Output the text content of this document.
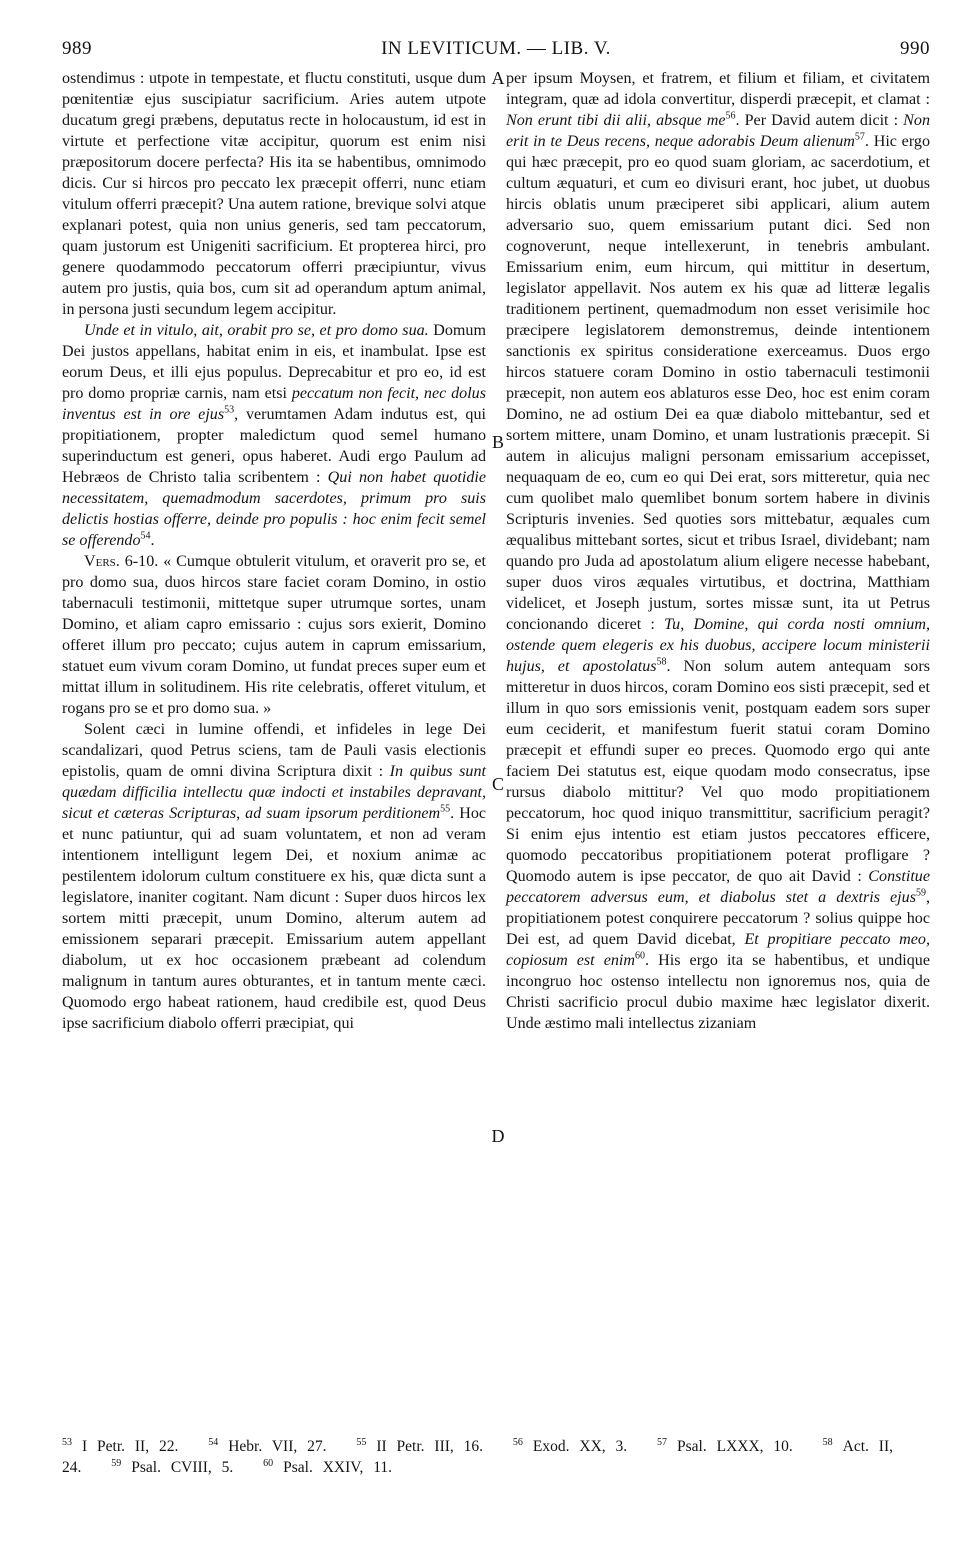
989	IN LEVITICUM. — LIB. V.	990

ostendimus : utpote in tempestate, et fluctu constituti, usque dum pœnitentiæ ejus suscipiatur sacrificium. Aries autem utpote ducatum gregi præbens, deputatus recte in holocaustum, id est in virtute et perfectione vitæ accipitur, quorum est enim nisi præpositorum docere perfecta? His ita se habentibus, omnimodo dicis. Cur si hircos pro peccato lex præcepit offerri, nunc etiam vitulum offerri præcepit? Una autem ratione, brevique solvi atque explanari potest, quia non unius generis, sed tam peccatorum, quam justorum est Unigeniti sacrificium. Et propterea hirci, pro genere quodammodo peccatorum offerri præcipiuntur, vivus autem pro justis, quia bos, cum sit ad operandum aptum animal, in persona justi secundum legem accipitur.

Unde et in vitulo, ait, orabit pro se, et pro domo sua. Domum Dei justos appellans, habitat enim in eis, et inambulat. Ipse est eorum Deus, et illi ejus populus. Deprecabitur et pro eo, id est pro domo propriæ carnis, nam etsi peccatum non fecit, nec dolus inventus est in ore ejus$^{53}$, verumtamen Adam indutus est, qui propitiationem, propter maledictum quod semel humano superinductum est generi, opus haberet. Audi ergo Paulum ad Hebræos de Christo talia scribentem : Qui non habet quotidie necessitatem, quemadmodum sacerdotes, primum pro suis delictis hostias offerre, deinde pro populis : hoc enim fecit semel se offerendo$^{54}$.

Vers. 6-10. « Cumque obtulerit vitulum, et oraverit pro se, et pro domo sua, duos hircos stare faciet coram Domino, in ostio tabernaculi testimonii, mittetque super utrumque sortes, unam Domino, et aliam capro emissario : cujus sors exierit, Domino offeret illum pro peccato; cujus autem in caprum emissarium, statuet eum vivum coram Domino, ut fundat preces super eum et mittat illum in solitudinem. His rite celebratis, offeret vitulum, et rogans pro se et pro domo sua. »

Solent cæci in lumine offendi, et infideles in lege Dei scandalizari, quod Petrus sciens, tam de Pauli vasis electionis epistolis, quam de omni divina Scriptura dixit : In quibus sunt quædam difficilia intellectu quæ indocti et instabiles depravant, sicut et cæteras Scripturas, ad suam ipsorum perditionem$^{55}$. Hoc et nunc patiuntur, qui ad suam voluntatem, et non ad veram intentionem intelligunt legem Dei, et noxium animæ ac pestilentem idolorum cultum constituere ex his, quæ dicta sunt a legislatore, inaniter cogitant. Nam dicunt : Super duos hircos lex sortem mitti præcepit, unum Domino, alterum autem ad emissionem separari præcepit. Emissarium autem appellant diabolum, ut ex hoc occasionem præbeant ad colendum malignum in tantum aures obturantes, et in tantum mente cæci. Quomodo ergo habeat rationem, haud credibile est, quod Deus ipse sacrificium diabolo offerri præcipiat, qui

A
B
C
D

per ipsum Moysen, et fratrem, et filium et filiam, et civitatem integram, quæ ad idola convertitur, disperdi præcepit, et clamat : Non erunt tibi dii alii, absque me$^{56}$. Per David autem dicit : Non erit in te Deus recens, neque adorabis Deum alienum$^{57}$. Hic ergo qui hæc præcepit, pro eo quod suam gloriam, ac sacerdotium, et cultum æquaturi, et cum eo divisuri erant, hoc jubet, ut duobus hircis oblatis unum præciperet sibi applicari, alium autem adversario suo, quem emissarium putant dici. Sed non cognoverunt, neque intellexerunt, in tenebris ambulant. Emissarium enim, eum hircum, qui mittitur in desertum, legislator appellavit. Nos autem ex his quæ ad litteræ legalis traditionem pertinent, quemadmodum non esset verisimile hoc præcipere legislatorem demonstremus, deinde intentionem sanctionis ex spiritus consideratione exerceamus. Duos ergo hircos statuere coram Domino in ostio tabernaculi testimonii præcepit, non autem eos ablaturos esse Deo, hoc est enim coram Domino, ne ad ostium Dei ea quæ diabolo mittebantur, sed et sortem mittere, unam Domino, et unam lustrationis præcepit. Si autem in alicujus maligni personam emissarium accepisset, nequaquam de eo, cum eo qui Dei erat, sors mitteretur, quia nec cum quolibet malo quemlibet bonum sortem habere in divinis Scripturis invenies. Sed quoties sors mittebatur, æquales cum æqualibus mittebant sortes, sicut et tribus Israel, dividebant; nam quando pro Juda ad apostolatum alium eligere necesse habebant, super duos viros æquales virtutibus, et doctrina, Matthiam videlicet, et Joseph justum, sortes missæ sunt, ita ut Petrus concionando diceret : Tu, Domine, qui corda nosti omnium, ostende quem elegeris ex his duobus, accipere locum ministerii hujus, et apostolatus$^{58}$. Non solum autem antequam sors mitteretur in duos hircos, coram Domino eos sisti præcepit, sed et illum in quo sors emissionis venit, postquam eadem sors super eum ceciderit, et manifestum fuerit statui coram Domino præcepit et effundi super eo preces. Quomodo ergo qui ante faciem Dei statutus est, eique quodam modo consecratus, ipse rursus diabolo mittitur? Vel quo modo propitiationem peccatorum, hoc quod iniquo transmittitur, sacrificium peragit? Si enim ejus intentio est etiam justos peccatores efficere, quomodo peccatoribus propitiationem poterat profligare ? Quomodo autem is ipse peccator, de quo ait David : Constitue peccatorem adversus eum, et diabolus stet a dextris ejus$^{59}$, propitiationem potest conquirere peccatorum ? solius quippe hoc Dei est, ad quem David dicebat, Et propitiare peccato meo, copiosum est enim$^{60}$. His ergo ita se habentibus, et undique incongruo hoc ostenso intellectu non ignoremus nos, quia de Christi sacrificio procul dubio maxime hæc legislator dixerit. Unde æstimo mali intellectus zizaniam

$^{53}$ I Petr. II, 22.	$^{54}$ Hebr. VII, 27.	$^{55}$ II Petr. III, 16.	$^{56}$ Exod. XX, 3.	$^{57}$ Psal. LXXX, 10.	$^{58}$ Act. II, 24.	$^{59}$ Psal. CVIII, 5.	$^{60}$ Psal. XXIV, 11.
